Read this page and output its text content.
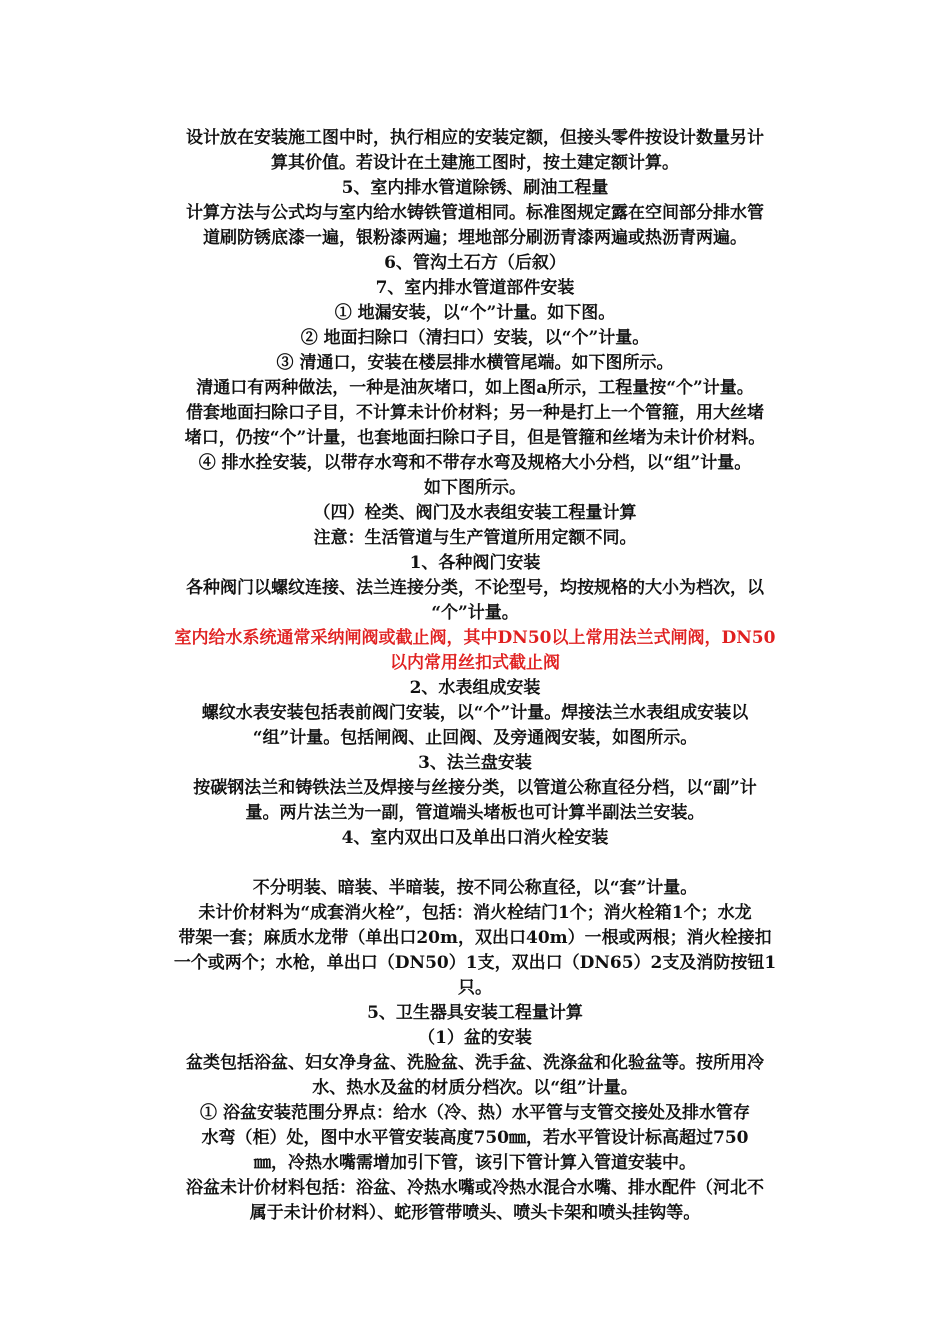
设计放在安装施工图中时，执行相应的安装定额，但接头零件按设计数量另计

算其价值。若设计在土建施工图时，按土建定额计算。

5、室内排水管道除锈、刷油工程量

计算方法与公式均与室内给水铸铁管道相同。标准图规定露在空间部分排水管

道刷防锈底漆一遍，银粉漆两遍；埋地部分刷沥青漆两遍或热沥青两遍。

6、管沟土石方（后叙）

7、室内排水管道部件安装

① 地漏安装，以“个”计量。如下图。

② 地面扫除口（清扫口）安装，以“个”计量。

③ 清通口，安装在楼层排水横管尾端。如下图所示。

清通口有两种做法，一种是油灰堵口，如上图a所示，工程量按“个”计量。

借套地面扫除口子目，不计算未计价材料；另一种是打上一个管箍，用大丝堵

堵口，仍按“个”计量，也套地面扫除口子目，但是管箍和丝堵为未计价材料。

④ 排水拴安装，以带存水弯和不带存水弯及规格大小分档，以“组”计量。

如下图所示。

（四）栓类、阀门及水表组安装工程量计算

注意：生活管道与生产管道所用定额不同。

1、各种阀门安装

各种阀门以螺纹连接、法兰连接分类，不论型号，均按规格的大小为档次，以

“个”计量。

室内给水系统通常采纳闸阀或截止阀，其中DN50以上常用法兰式闸阀，DN50

以内常用丝扣式截止阀

2、水表组成安装

螺纹水表安装包括表前阀门安装，以“个”计量。焊接法兰水表组成安装以

“组”计量。包括闸阀、止回阀、及旁通阀安装，如图所示。

3、法兰盘安装

按碳钢法兰和铸铁法兰及焊接与丝接分类，以管道公称直径分档，以“副”计

量。两片法兰为一副，管道端头堵板也可计算半副法兰安装。

4、室内双出口及单出口消火栓安装

不分明装、暗装、半暗装，按不同公称直径，以“套”计量。

未计价材料为“成套消火栓”，包括：消火栓结门1个；消火栓箱1个；水龙

带架一套；麻质水龙带（单出口20m，双出口40m）一根或两根；消火栓接扣

一个或两个；水枪，单出口（DN50）1支，双出口（DN65）2支及消防按钮1

只。

5、卫生器具安装工程量计算

（1）盆的安装

盆类包括浴盆、妇女净身盆、洗脸盆、洗手盆、洗涤盆和化验盆等。按所用冷

水、热水及盆的材质分档次。以“组”计量。

① 浴盆安装范围分界点：给水（冷、热）水平管与支管交接处及排水管存

水弯（柜）处，图中水平管安装高度750㎜，若水平管设计标高超过750

㎜，冷热水嘴需增加引下管，该引下管计算入管道安装中。

浴盆未计价材料包括：浴盆、冷热水嘴或冷热水混合水嘴、排水配件（河北不

属于未计价材料）、蛇形管带喷头、喷头卡架和喷头挂钩等。
